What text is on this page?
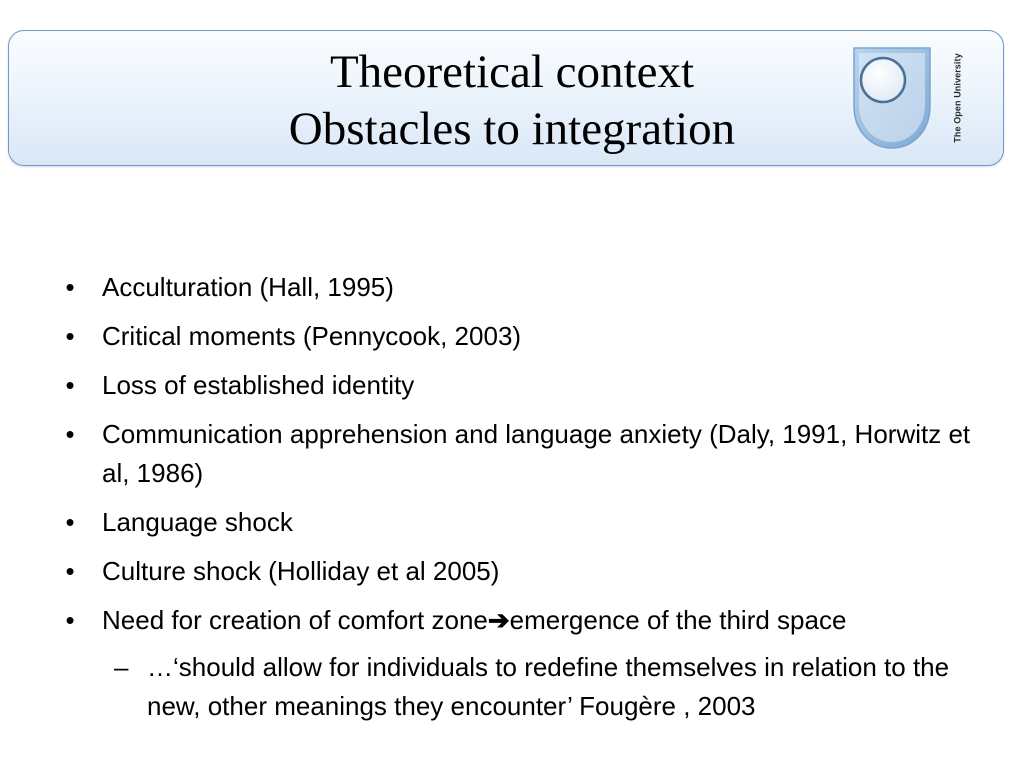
Theoretical context
Obstacles to integration	The Open University
• Acculturation (Hall, 1995)
• Critical moments (Pennycook, 2003)
• Loss of established identity
• Communication apprehension and language anxiety (Daly, 1991, Horwitz et al, 1986)
• Language shock
• Culture shock (Holliday et al 2005)
• Need for creation of comfort zone➔emergence of the third space
– …‘should allow for individuals to redefine themselves in relation to the new, other meanings they encounter’ Fougère , 2003
